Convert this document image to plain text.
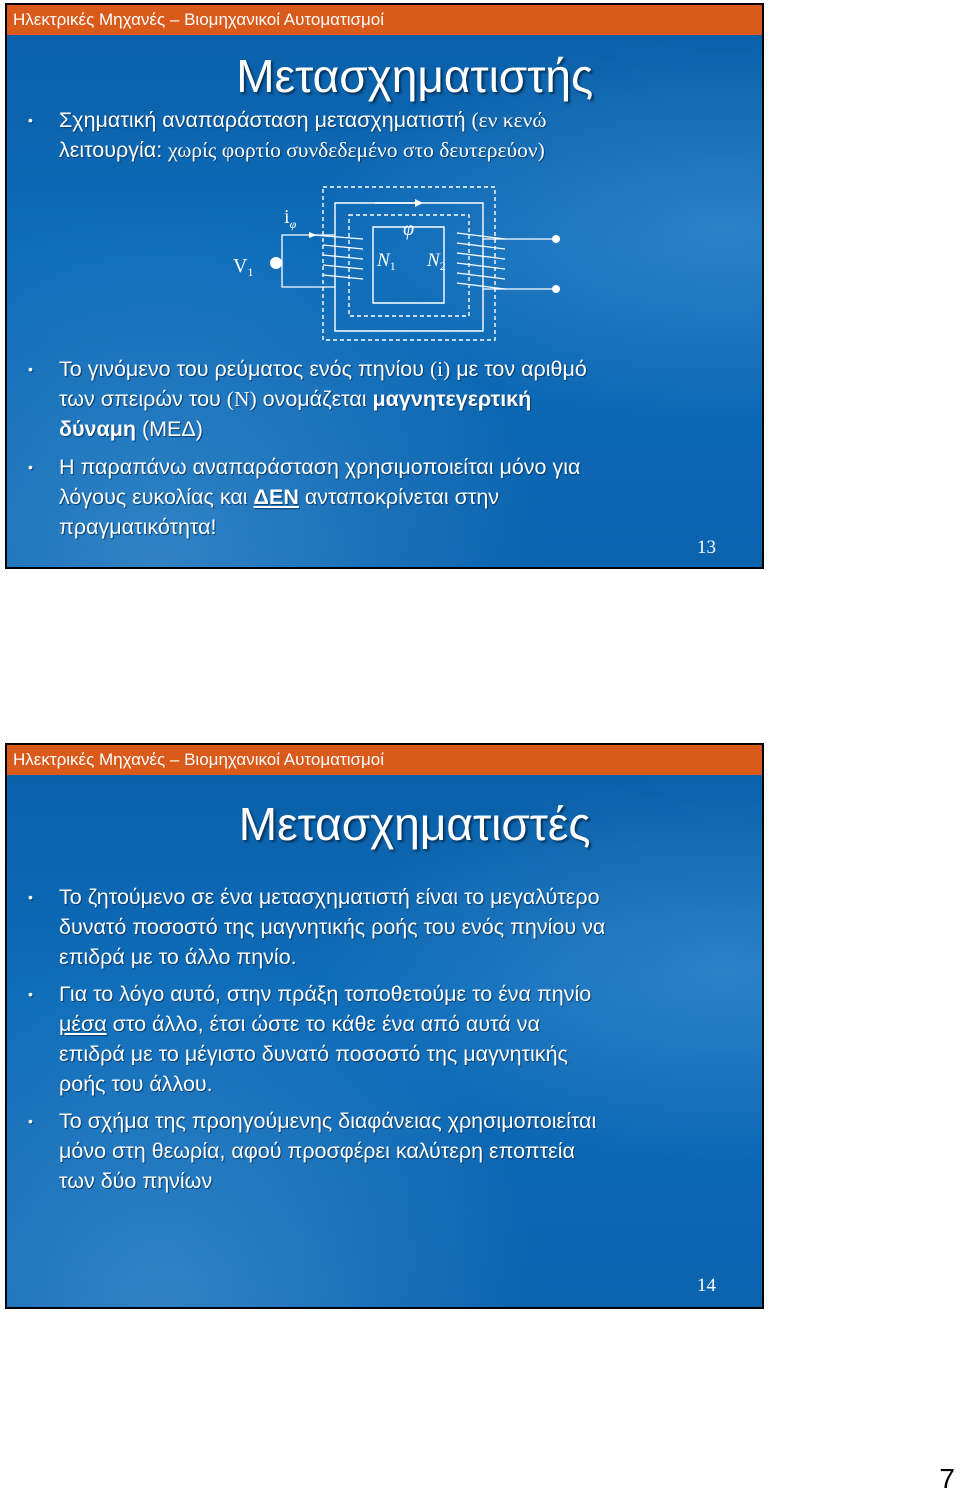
Ηλεκτρικές Μηχανές – Βιομηχανικοί Αυτοματισμοί
Μετασχηματιστής
• Σχηματική αναπαράσταση μετασχηματιστή (εν κενώ
λειτουργία: χωρίς φορτίο συνδεδεμένο στο δευτερεύον)
$V_1$
$i_\varphi$	φ
$N_1$ $N_2$
• Το γινόμενο του ρεύματος ενός πηνίου (i) με τον αριθμό
των σπειρών του (N) ονομάζεται μαγνητεγερτική
δύναμη (ΜΕΔ)
• Η παραπάνω αναπαράσταση χρησιμοποιείται μόνο για
λόγους ευκολίας και ΔΕΝ ανταποκρίνεται στην
πραγματικότητα!
13
Ηλεκτρικές Μηχανές – Βιομηχανικοί Αυτοματισμοί
Μετασχηματιστές
• Το ζητούμενο σε ένα μετασχηματιστή είναι το μεγαλύτερο
δυνατό ποσοστό της μαγνητικής ροής του ενός πηνίου να
επιδρά με το άλλο πηνίο.
• Για το λόγο αυτό, στην πράξη τοποθετούμε το ένα πηνίο
μέσα στο άλλο, έτσι ώστε το κάθε ένα από αυτά να
επιδρά με το μέγιστο δυνατό ποσοστό της μαγνητικής
ροής του άλλου.
• Το σχήμα της προηγούμενης διαφάνειας χρησιμοποιείται
μόνο στη θεωρία, αφού προσφέρει καλύτερη εποπτεία
των δύο πηνίων
14
7
